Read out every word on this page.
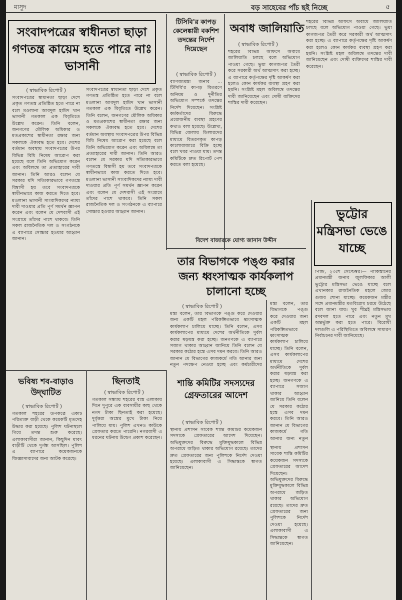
মাসুদ	বড় সাহেবের পাঁচ ছই নিচ্ছে	৫
সংবাদপত্রের স্বাধীনতা ছাড়া গণতন্ত্র কায়েম হতে পারে নাঃ ভাসানী
( স্বাভাবিক রিপোর্ট )
সংবাদপত্রের স্বাধীনতা ছাড়া দেশে প্রকৃত গণতন্ত্র প্রতিষ্ঠিত হতে পারে না বলে মওলানা আবদুল হামিদ খান ভাসানী গতকাল এক বিবৃতিতে উল্লেখ করেন। তিনি বলেন, জনগণের মৌলিক অধিকার ও মতপ্রকাশের স্বাধীনতা রক্ষার জন্য সকলকে ঐক্যবদ্ধ হতে হবে। দেশের বর্তমান অবস্থায় সংবাদপত্রের উপর বিভিন্ন বিধি নিষেধ আরোপ করা হয়েছে বলে তিনি অভিযোগ করেন এবং অবিলম্বে তা প্রত্যাহারের দাবী জানান। তিনি আরও বলেন যে সরকার যদি সত্যিকারভাবে গণতন্ত্রে বিশ্বাসী হয় তবে সংবাদপত্রকে স্বাধীনভাবে কাজ করতে দিতে হবে। মওলানা ভাসানী সাংবাদিকদের ন্যায্য দাবী দাওয়ার প্রতি পূর্ণ সমর্থন জ্ঞাপন করেন এবং বলেন যে দেশবাসী এই সংগ্রামে তাঁদের পাশে থাকবে। তিনি সকল রাজনৈতিক দল ও সংগঠনকে এ ব্যাপারে সোচ্চার হওয়ার আহ্বান জানান।
সংবাদপত্রের স্বাধীনতা ছাড়া দেশে প্রকৃত গণতন্ত্র প্রতিষ্ঠিত হতে পারে না বলে মওলানা আবদুল হামিদ খান ভাসানী গতকাল এক বিবৃতিতে উল্লেখ করেন। তিনি বলেন, জনগণের মৌলিক অধিকার ও মতপ্রকাশের স্বাধীনতা রক্ষার জন্য সকলকে ঐক্যবদ্ধ হতে হবে। দেশের বর্তমান অবস্থায় সংবাদপত্রের উপর বিভিন্ন বিধি নিষেধ আরোপ করা হয়েছে বলে তিনি অভিযোগ করেন এবং অবিলম্বে তা প্রত্যাহারের দাবী জানান। তিনি আরও বলেন যে সরকার যদি সত্যিকারভাবে গণতন্ত্রে বিশ্বাসী হয় তবে সংবাদপত্রকে স্বাধীনভাবে কাজ করতে দিতে হবে। মওলানা ভাসানী সাংবাদিকদের ন্যায্য দাবী দাওয়ার প্রতি পূর্ণ সমর্থন জ্ঞাপন করেন এবং বলেন যে দেশবাসী এই সংগ্রামে তাঁদের পাশে থাকবে। তিনি সকল রাজনৈতিক দল ও সংগঠনকে এ ব্যাপারে সোচ্চার হওয়ার আহ্বান জানান।
টিসিবি'র কাপড় কেলেঙ্কারী বকশিশ তদন্তের নির্দেশ দিয়েছেন
( স্বাভাবিক রিপোর্ট )
বাণিজ্যমন্ত্রী জনাব ... টিসিবি'র কাপড় বিতরণে অনিয়ম ও দুর্নীতির অভিযোগ সম্পর্কে তদন্তের নির্দেশ দিয়েছেন। সংশ্লিষ্ট কর্মকর্তাদের বিরুদ্ধে প্রয়োজনীয় ব্যবস্থা গ্রহণের কথাও বলা হয়েছে। উল্লেখ্য, বিভিন্ন জেলায় ডিলারদের মাধ্যমে বিতরণকৃত কাপড় কালোবাজারে বিক্রি হচ্ছে বলে খবর পাওয়া যায়। তদন্ত কমিটিকে দ্রুত রিপোর্ট পেশ করতে বলা হয়েছে।
অবাধ জালিয়াতি
( স্বাভাবিক রিপোর্ট )
শহরের বিভিন্ন অফিসে অবাধে জালিয়াতি চলছে বলে অভিযোগ পাওয়া গেছে। ভুয়া কাগজপত্র তৈরী করে সরকারী অর্থ আত্মসাৎ করা হচ্ছে। এ ব্যাপারে কর্তৃপক্ষের দৃষ্টি আকর্ষণ করা হলেও কোন কার্যকর ব্যবস্থা গ্রহণ করা হয়নি। সংশ্লিষ্ট মহল অবিলম্বে তদন্তের দাবী জানিয়েছেন এবং দোষী ব্যক্তিদের শাস্তির দাবী করেছেন।
শহরের বিভিন্ন অফিসে অবাধে জালিয়াতি চলছে বলে অভিযোগ পাওয়া গেছে। ভুয়া কাগজপত্র তৈরী করে সরকারী অর্থ আত্মসাৎ করা হচ্ছে। এ ব্যাপারে কর্তৃপক্ষের দৃষ্টি আকর্ষণ করা হলেও কোন কার্যকর ব্যবস্থা গ্রহণ করা হয়নি। সংশ্লিষ্ট মহল অবিলম্বে তদন্তের দাবী জানিয়েছেন এবং দোষী ব্যক্তিদের শাস্তির দাবী করেছেন।
বিদেশ বাজারকে যোগ্য জানান উদ্দীন
তার বিভাগকে পঙ্গু করার জন্য ধ্বংসাত্মক কার্যকলাপ চালানো হচ্ছে
( স্বাভাবিক রিপোর্ট )
মন্ত্রী বলেন, তাঁর বিভাগকে পঙ্গু করে দেওয়ার জন্য একটি মহল পরিকল্পিতভাবে ধ্বংসাত্মক কার্যকলাপ চালিয়ে যাচ্ছে। তিনি বলেন, এসব কার্যকলাপের মাধ্যমে দেশের অর্থনীতিকে দুর্বল করার ষড়যন্ত্র করা হচ্ছে। জনগণকে এ ব্যাপারে সজাগ থাকার আহ্বান জানিয়ে তিনি বলেন যে সরকার কঠোর হস্তে এসব দমন করবে। তিনি আরও জানান যে বিভাগের কাজকর্মে গতি আনার জন্য নতুন পদক্ষেপ নেওয়া হচ্ছে এবং কর্মচারীদের
মন্ত্রী বলেন, তাঁর বিভাগকে পঙ্গু করে দেওয়ার জন্য একটি মহল পরিকল্পিতভাবে ধ্বংসাত্মক কার্যকলাপ চালিয়ে যাচ্ছে। তিনি বলেন, এসব কার্যকলাপের মাধ্যমে দেশের অর্থনীতিকে দুর্বল করার ষড়যন্ত্র করা হচ্ছে। জনগণকে এ ব্যাপারে সজাগ থাকার আহ্বান জানিয়ে তিনি বলেন যে সরকার কঠোর হস্তে এসব দমন করবে। তিনি আরও জানান যে বিভাগের কাজকর্মে গতি আনার জন্য নতুন
ভুট্টোর মন্ত্রিসভা ভেঙে যাচ্ছে
পিন্ডি, ২৩শে সেপ্টেম্বর।— পাকিস্তানের প্রধানমন্ত্রী জনাব জুলফিকার আলী ভুট্টোর মন্ত্রিসভা ভেঙে যাচ্ছে বলে এখানকার রাজনৈতিক মহলে জোর গুজব শোনা যাচ্ছে। কয়েকজন মন্ত্রীর সঙ্গে প্রধানমন্ত্রীর মতবিরোধ চরমে উঠেছে বলে জানা যায়। খুব শীঘ্রই মন্ত্রিসভায় রদবদল হতে পারে এবং নতুন মুখ অন্তর্ভুক্ত করা হতে পারে। বিরোধী দলগুলি এ পরিস্থিতিতে অবিলম্বে সাধারণ নির্বাচনের দাবী জানিয়েছে।
ভবিষ্য শব-বাড়াও উদ্‌ঘাটিত
( স্বাভাবিক রিপোর্ট )
গতকাল শহরের উপকণ্ঠে একটি পরিত্যক্ত বাড়ী থেকে কয়েকটি মৃতদেহ উদ্ধার করা হয়েছে। পুলিশ ঘটনাস্থলে গিয়ে তদন্ত শুরু করেছে। এলাকাবাসীরা জানান, কিছুদিন যাবৎ বাড়ীটি থেকে দুর্গন্ধ আসছিল। পুলিশ এ ব্যাপারে কয়েকজনকে জিজ্ঞাসাবাদের জন্য আটক করেছে।
ছিনতাই
( স্বাভাবিক রিপোর্ট )
গতকাল সন্ধ্যায় শহরের ব্যস্ত এলাকায় দিনে দুপুরে এক ব্যবসায়ীর কাছ থেকে নগদ টাকা ছিনতাই করা হয়েছে। দুর্বৃত্তরা অস্ত্রের মুখে টাকা নিয়ে পালিয়ে যায়। পুলিশ এখনও কাউকে গ্রেফতার করতে পারেনি। নগরবাসী এ ধরনের ঘটনায় উদ্বেগ প্রকাশ করেছেন।
শান্তি কমিটির সদস্যদের গ্রেফতারের আদেশ
( স্বাভাবিক রিপোর্ট )
স্থানীয় প্রশাসন সাবেক শান্তি কমিটির কয়েকজন সদস্যকে গ্রেফতারের আদেশ দিয়েছেন। অভিযুক্তদের বিরুদ্ধে মুক্তিযুদ্ধকালে বিভিন্ন অপরাধে জড়িত থাকার অভিযোগ রয়েছে। তাদের দ্রুত গ্রেফতারের জন্য পুলিশকে নির্দেশ দেওয়া হয়েছে। এলাকাবাসী এ সিদ্ধান্তকে স্বাগত জানিয়েছেন।
স্থানীয় প্রশাসন সাবেক শান্তি কমিটির কয়েকজন সদস্যকে গ্রেফতারের আদেশ দিয়েছেন। অভিযুক্তদের বিরুদ্ধে মুক্তিযুদ্ধকালে বিভিন্ন অপরাধে জড়িত থাকার অভিযোগ রয়েছে। তাদের দ্রুত গ্রেফতারের জন্য পুলিশকে নির্দেশ দেওয়া হয়েছে। এলাকাবাসী এ সিদ্ধান্তকে স্বাগত জানিয়েছেন।
